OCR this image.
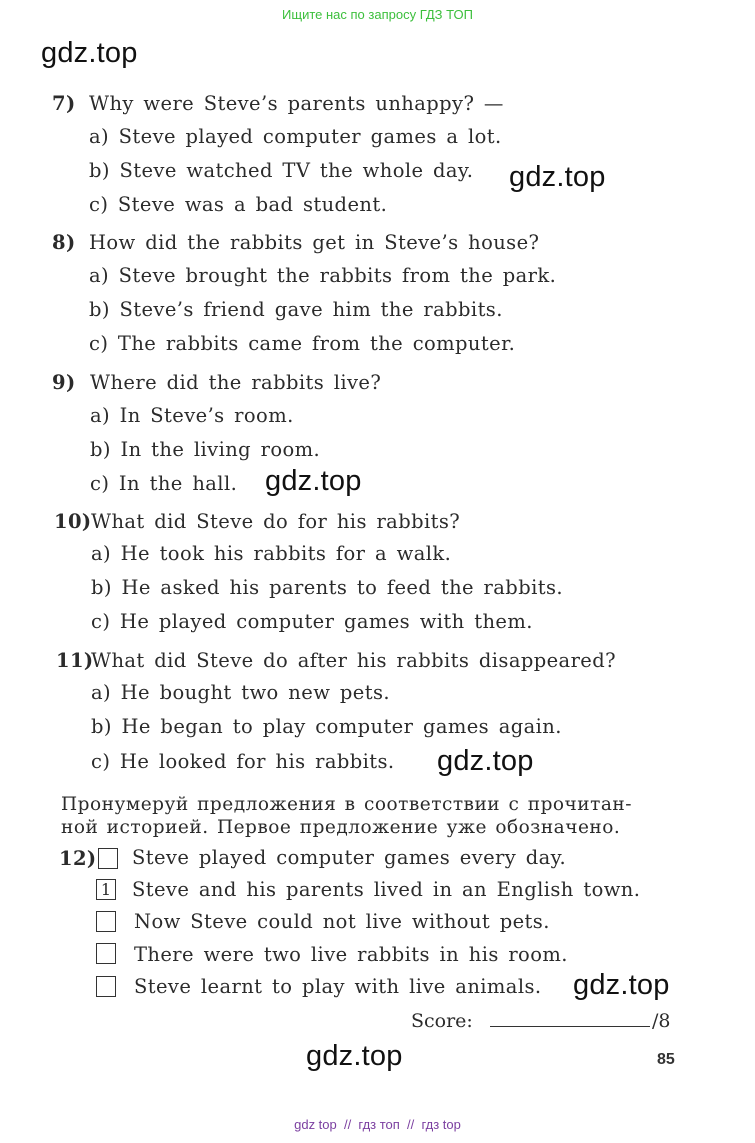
Ищите нас по запросу ГДЗ ТОП
gdz.top
gdz.top
gdz.top
gdz.top
gdz.top
gdz.top
7) Why were Steve’s parents unhappy? —
a) Steve played computer games a lot.
b) Steve watched TV the whole day.
c) Steve was a bad student.
8) How did the rabbits get in Steve’s house?
a) Steve brought the rabbits from the park.
b) Steve’s friend gave him the rabbits.
c) The rabbits came from the computer.
9) Where did the rabbits live?
a) In Steve’s room.
b) In the living room.
c) In the hall.
10)What did Steve do for his rabbits?
a) He took his rabbits for a walk.
b) He asked his parents to feed the rabbits.
c) He played computer games with them.
11)What did Steve do after his rabbits disappeared?
a) He bought two new pets.
b) He began to play computer games again.
c) He looked for his rabbits.
Пронумеруй предложения в соответствии с прочитан-
ной историей. Первое предложение уже обозначено.
12) Steve played computer games every day.
1 Steve and his parents lived in an English town.
Now Steve could not live without pets.
There were two live rabbits in his room.
Steve learnt to play with live animals.
Score:	/8
85
gdz top  //  гдз топ  //  гдз top
